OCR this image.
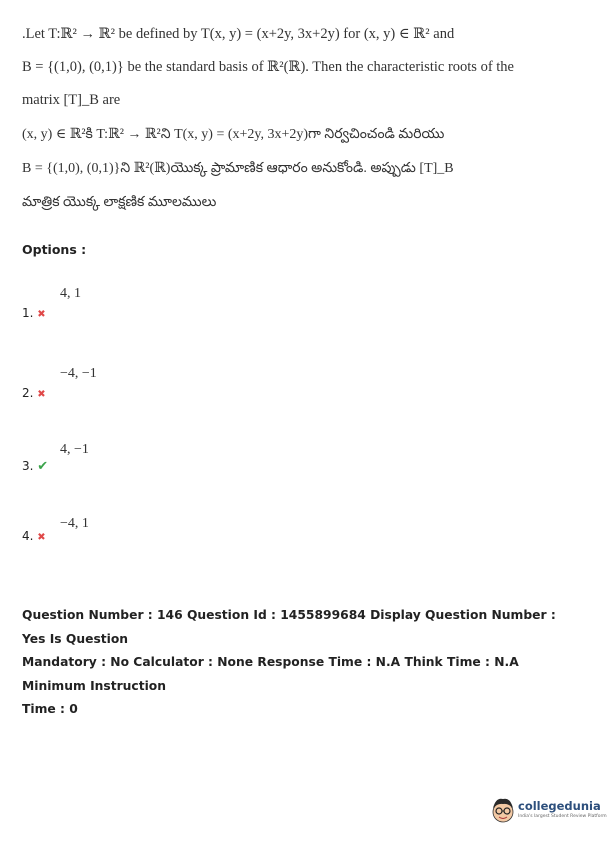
.Let T:ℝ² → ℝ² be defined by T(x, y) = (x+2y, 3x+2y) for (x, y) ∈ ℝ² and
B = {(1,0), (0,1)} be the standard basis of ℝ²(ℝ). Then the characteristic roots of the
matrix [T]_B are
(x, y) ∈ ℝ²కి T:ℝ² → ℝ²ని T(x, y) = (x+2y, 3x+2y)గా నిర్వచించండి మరియు
B = {(1,0), (0,1)}ని ℝ²(ℝ)యొక్క ప్రామాణిక ఆధారం అనుకోండి. అప్పుడు [T]_B
మాత్రిక యొక్క లాక్షణిక మూలములు
Options :
4, 1
1. ✖
−4, −1
2. ✖
4, −1
3. ✔
−4, 1
4. ✖
Question Number : 146 Question Id : 1455899684 Display Question Number : Yes Is Question
Mandatory : No Calculator : None Response Time : N.A Think Time : N.A Minimum Instruction
Time : 0
collegedunia
India's largest Student Review Platform
